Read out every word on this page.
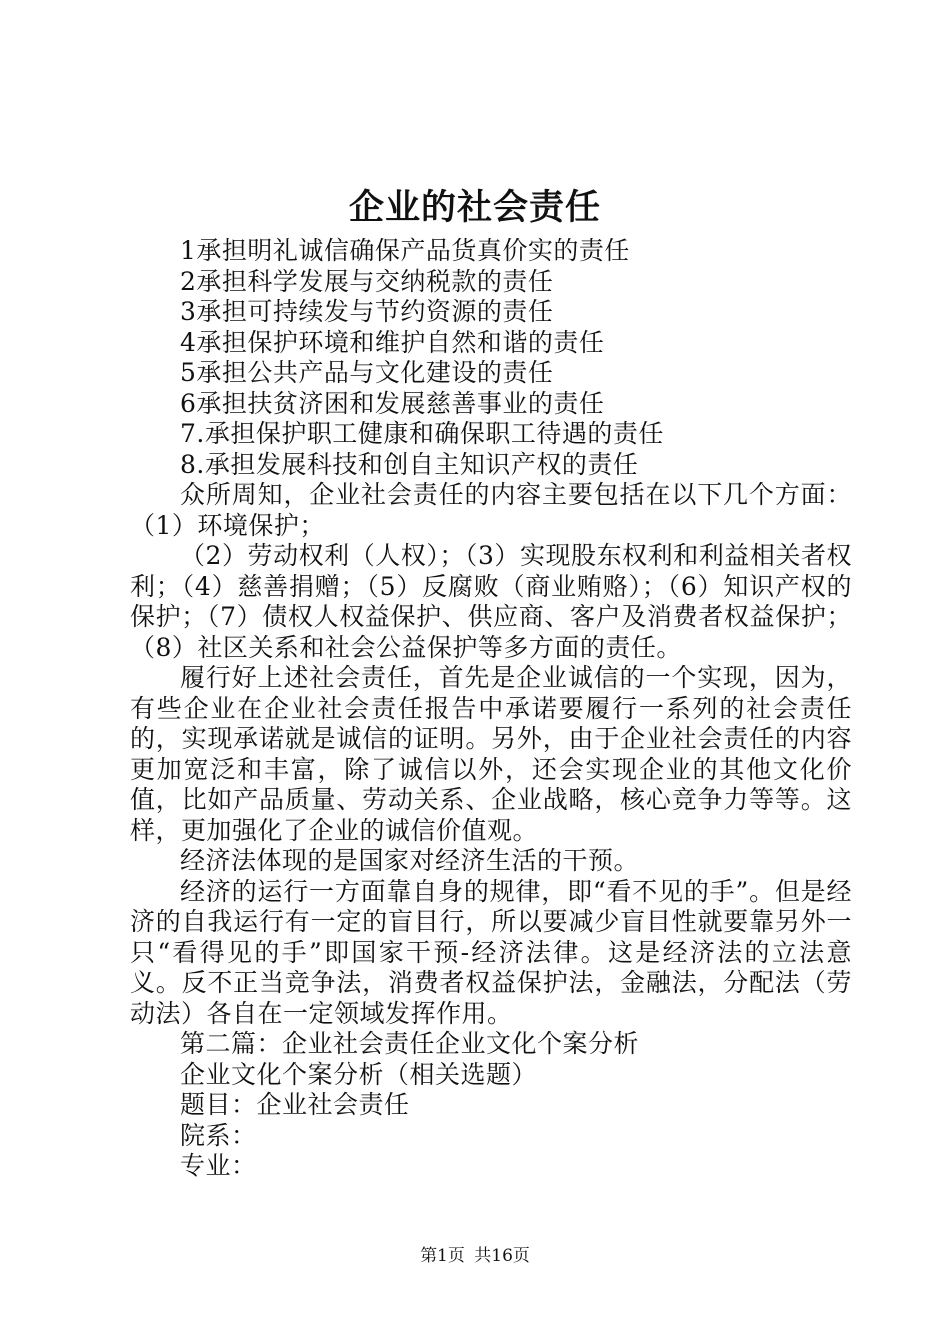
企业的社会责任

1承担明礼诚信确保产品货真价实的责任

2承担科学发展与交纳税款的责任

3承担可持续发与节约资源的责任

4承担保护环境和维护自然和谐的责任

5承担公共产品与文化建设的责任

6承担扶贫济困和发展慈善事业的责任

7.承担保护职工健康和确保职工待遇的责任

8.承担发展科技和创自主知识产权的责任

众所周知，企业社会责任的内容主要包括在以下几个方面：（1）环境保护；

（2）劳动权利（人权）；（3）实现股东权利和利益相关者权利；（4）慈善捐赠；（5）反腐败（商业贿赂）；（6）知识产权的保护；（7）债权人权益保护、供应商、客户及消费者权益保护；（8）社区关系和社会公益保护等多方面的责任。

履行好上述社会责任，首先是企业诚信的一个实现，因为，有些企业在企业社会责任报告中承诺要履行一系列的社会责任的，实现承诺就是诚信的证明。另外，由于企业社会责任的内容更加宽泛和丰富，除了诚信以外，还会实现企业的其他文化价值，比如产品质量、劳动关系、企业战略，核心竞争力等等。这样，更加强化了企业的诚信价值观。

经济法体现的是国家对经济生活的干预。

经济的运行一方面靠自身的规律，即“看不见的手”。但是经济的自我运行有一定的盲目行，所以要减少盲目性就要靠另外一只“看得见的手”即国家干预-经济法律。这是经济法的立法意义。反不正当竞争法，消费者权益保护法，金融法，分配法（劳动法）各自在一定领域发挥作用。

第二篇：企业社会责任企业文化个案分析

企业文化个案分析（相关选题）

题目：企业社会责任

院系：

专业：

第1页 共16页
